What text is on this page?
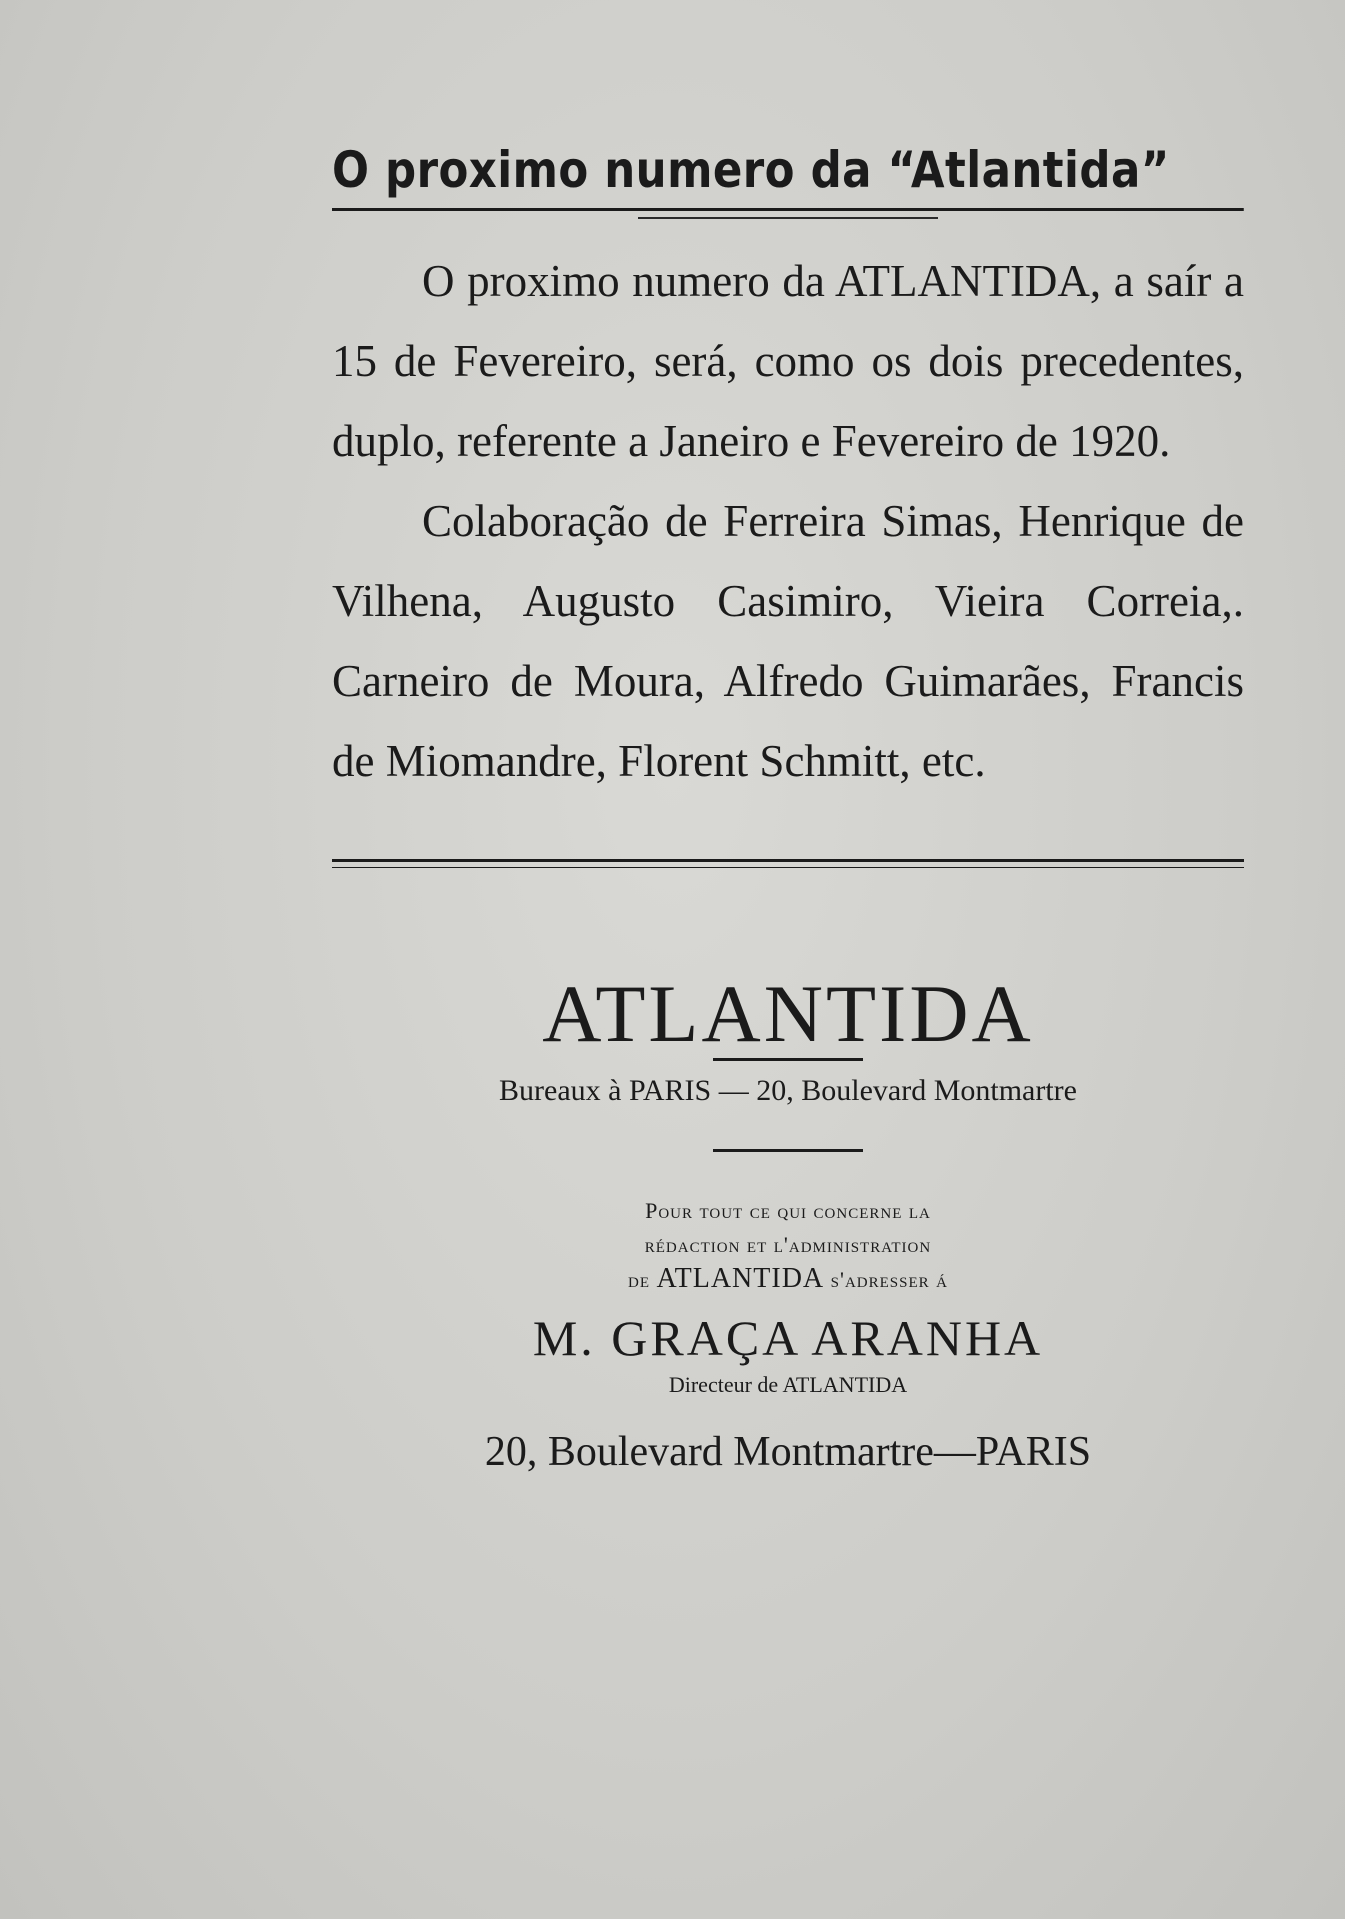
O proximo numero da “Atlantida”

O proximo numero da ATLANTIDA, a saír a 15 de Fevereiro, será, como os dois precedentes, duplo, referente a Janeiro e Fevereiro de 1920.

Colaboração de Ferreira Simas, Henrique de Vilhena, Augusto Casimiro, Vieira Correia,. Carneiro de Moura, Alfredo Guimarães, Francis de Miomandre, Florent Schmitt, etc.

ATLANTIDA
Bureaux à PARIS — 20, Boulevard Montmartre
Pour tout ce qui concerne la
rédaction et l'administration
de ATLANTIDA s'adresser á
M. GRAÇA ARANHA
Directeur de ATLANTIDA
20, Boulevard Montmartre—PARIS
